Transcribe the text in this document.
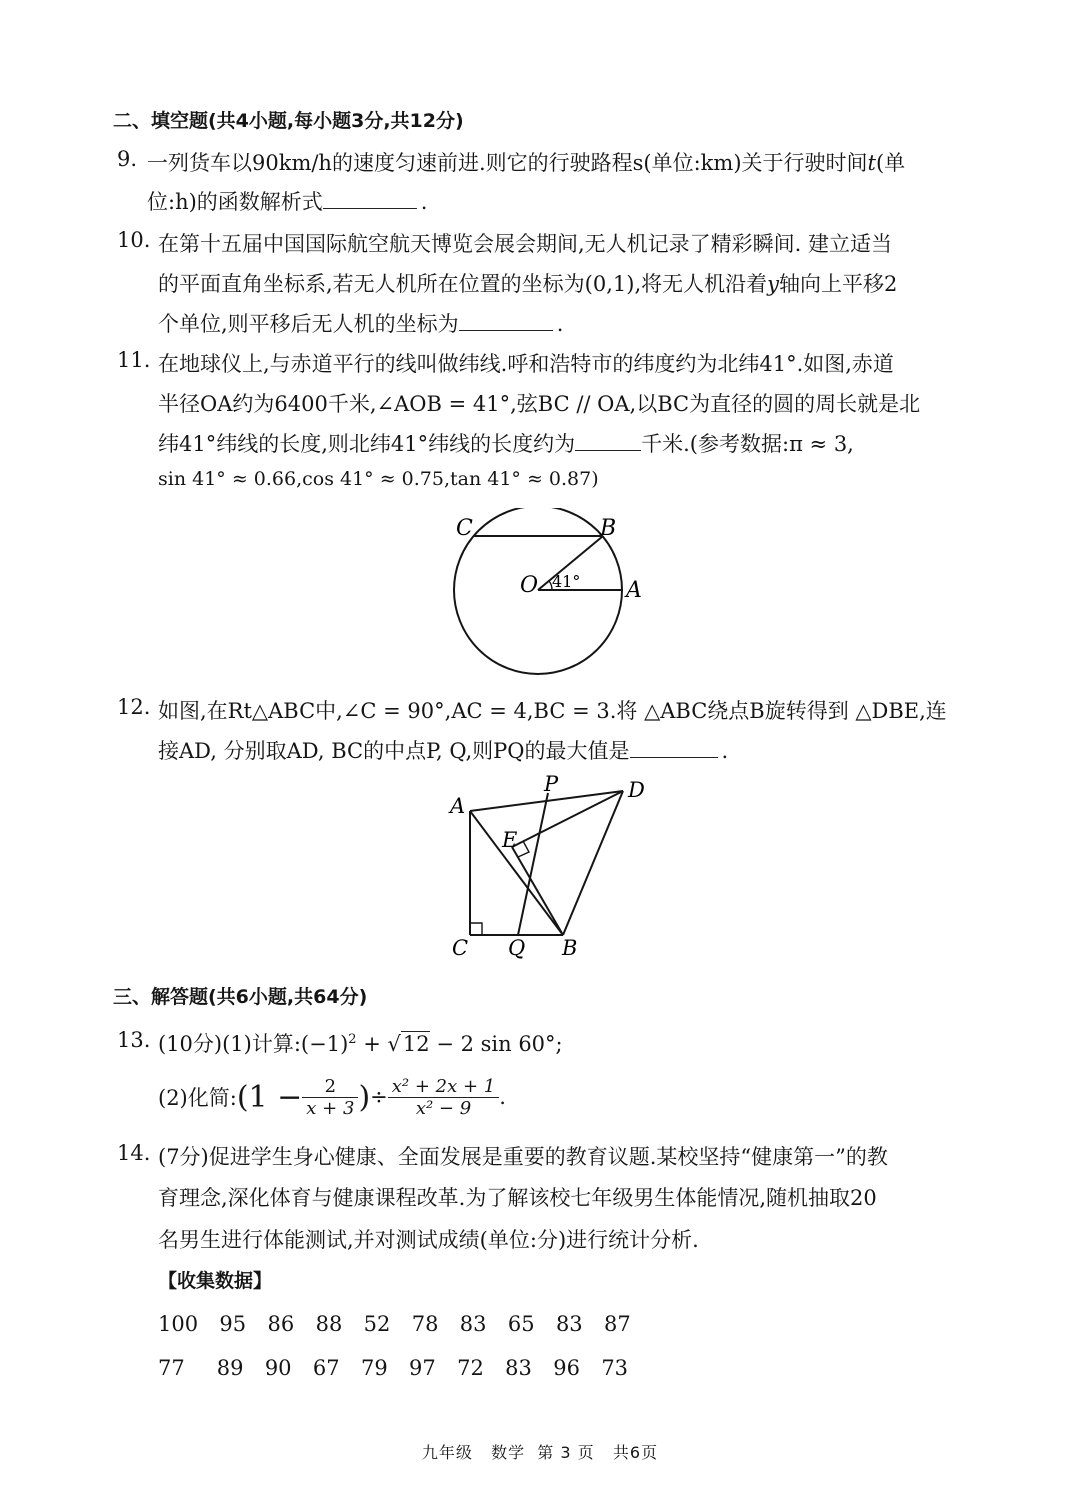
二、填空题(共4小题,每小题3分,共12分)
9. 一列货车以90km/h的速度匀速前进.则它的行驶路程s(单位:km)关于行驶时间t(单
位:h)的函数解析式	.
10. 在第十五届中国国际航空航天博览会展会期间,无人机记录了精彩瞬间. 建立适当
的平面直角坐标系,若无人机所在位置的坐标为(0,1),将无人机沿着y轴向上平移2
个单位,则平移后无人机的坐标为	.
11. 在地球仪上,与赤道平行的线叫做纬线.呼和浩特市的纬度约为北纬41°.如图,赤道
半径OA约为6400千米,∠AOB = 41°,弦BC // OA,以BC为直径的圆的周长就是北
纬41°纬线的长度,则北纬41°纬线的长度约为	千米.(参考数据:π ≈ 3,
sin 41° ≈ 0.66,cos 41° ≈ 0.75,tan 41° ≈ 0.87)
C	B
O	A
41°
12. 如图,在Rt△ABC中,∠C = 90°,AC = 4,BC = 3.将 △ABC绕点B旋转得到 △DBE,连
接AD, 分别取AD, BC的中点P, Q,则PQ的最大值是	.
A
P	D
E
C Q B
三、解答题(共6小题,共64分)
13. (10分)(1)计算$:(-1)^2 + √12 - 2$ sin 60°;
(2)化简: ($1 - \frac{2}{x + 3}$ ) ÷ $\frac{\text{x² + 2x + 1}}{\text{x² − 9}}$ .
14. (7分)促进学生身心健康、全面发展是重要的教育议题.某校坚持“健康第一”的教
育理念,深化体育与健康课程改革.为了解该校七年级男生体能情况,随机抽取20
名男生进行体能测试,并对测试成绩(单位:分)进行统计分析.
【收集数据】
100  95  86  88  52  78  83  65  83  87
77   89  90  67  79  97  72  83  96  73
九年级   数学  第 3 页   共6页
